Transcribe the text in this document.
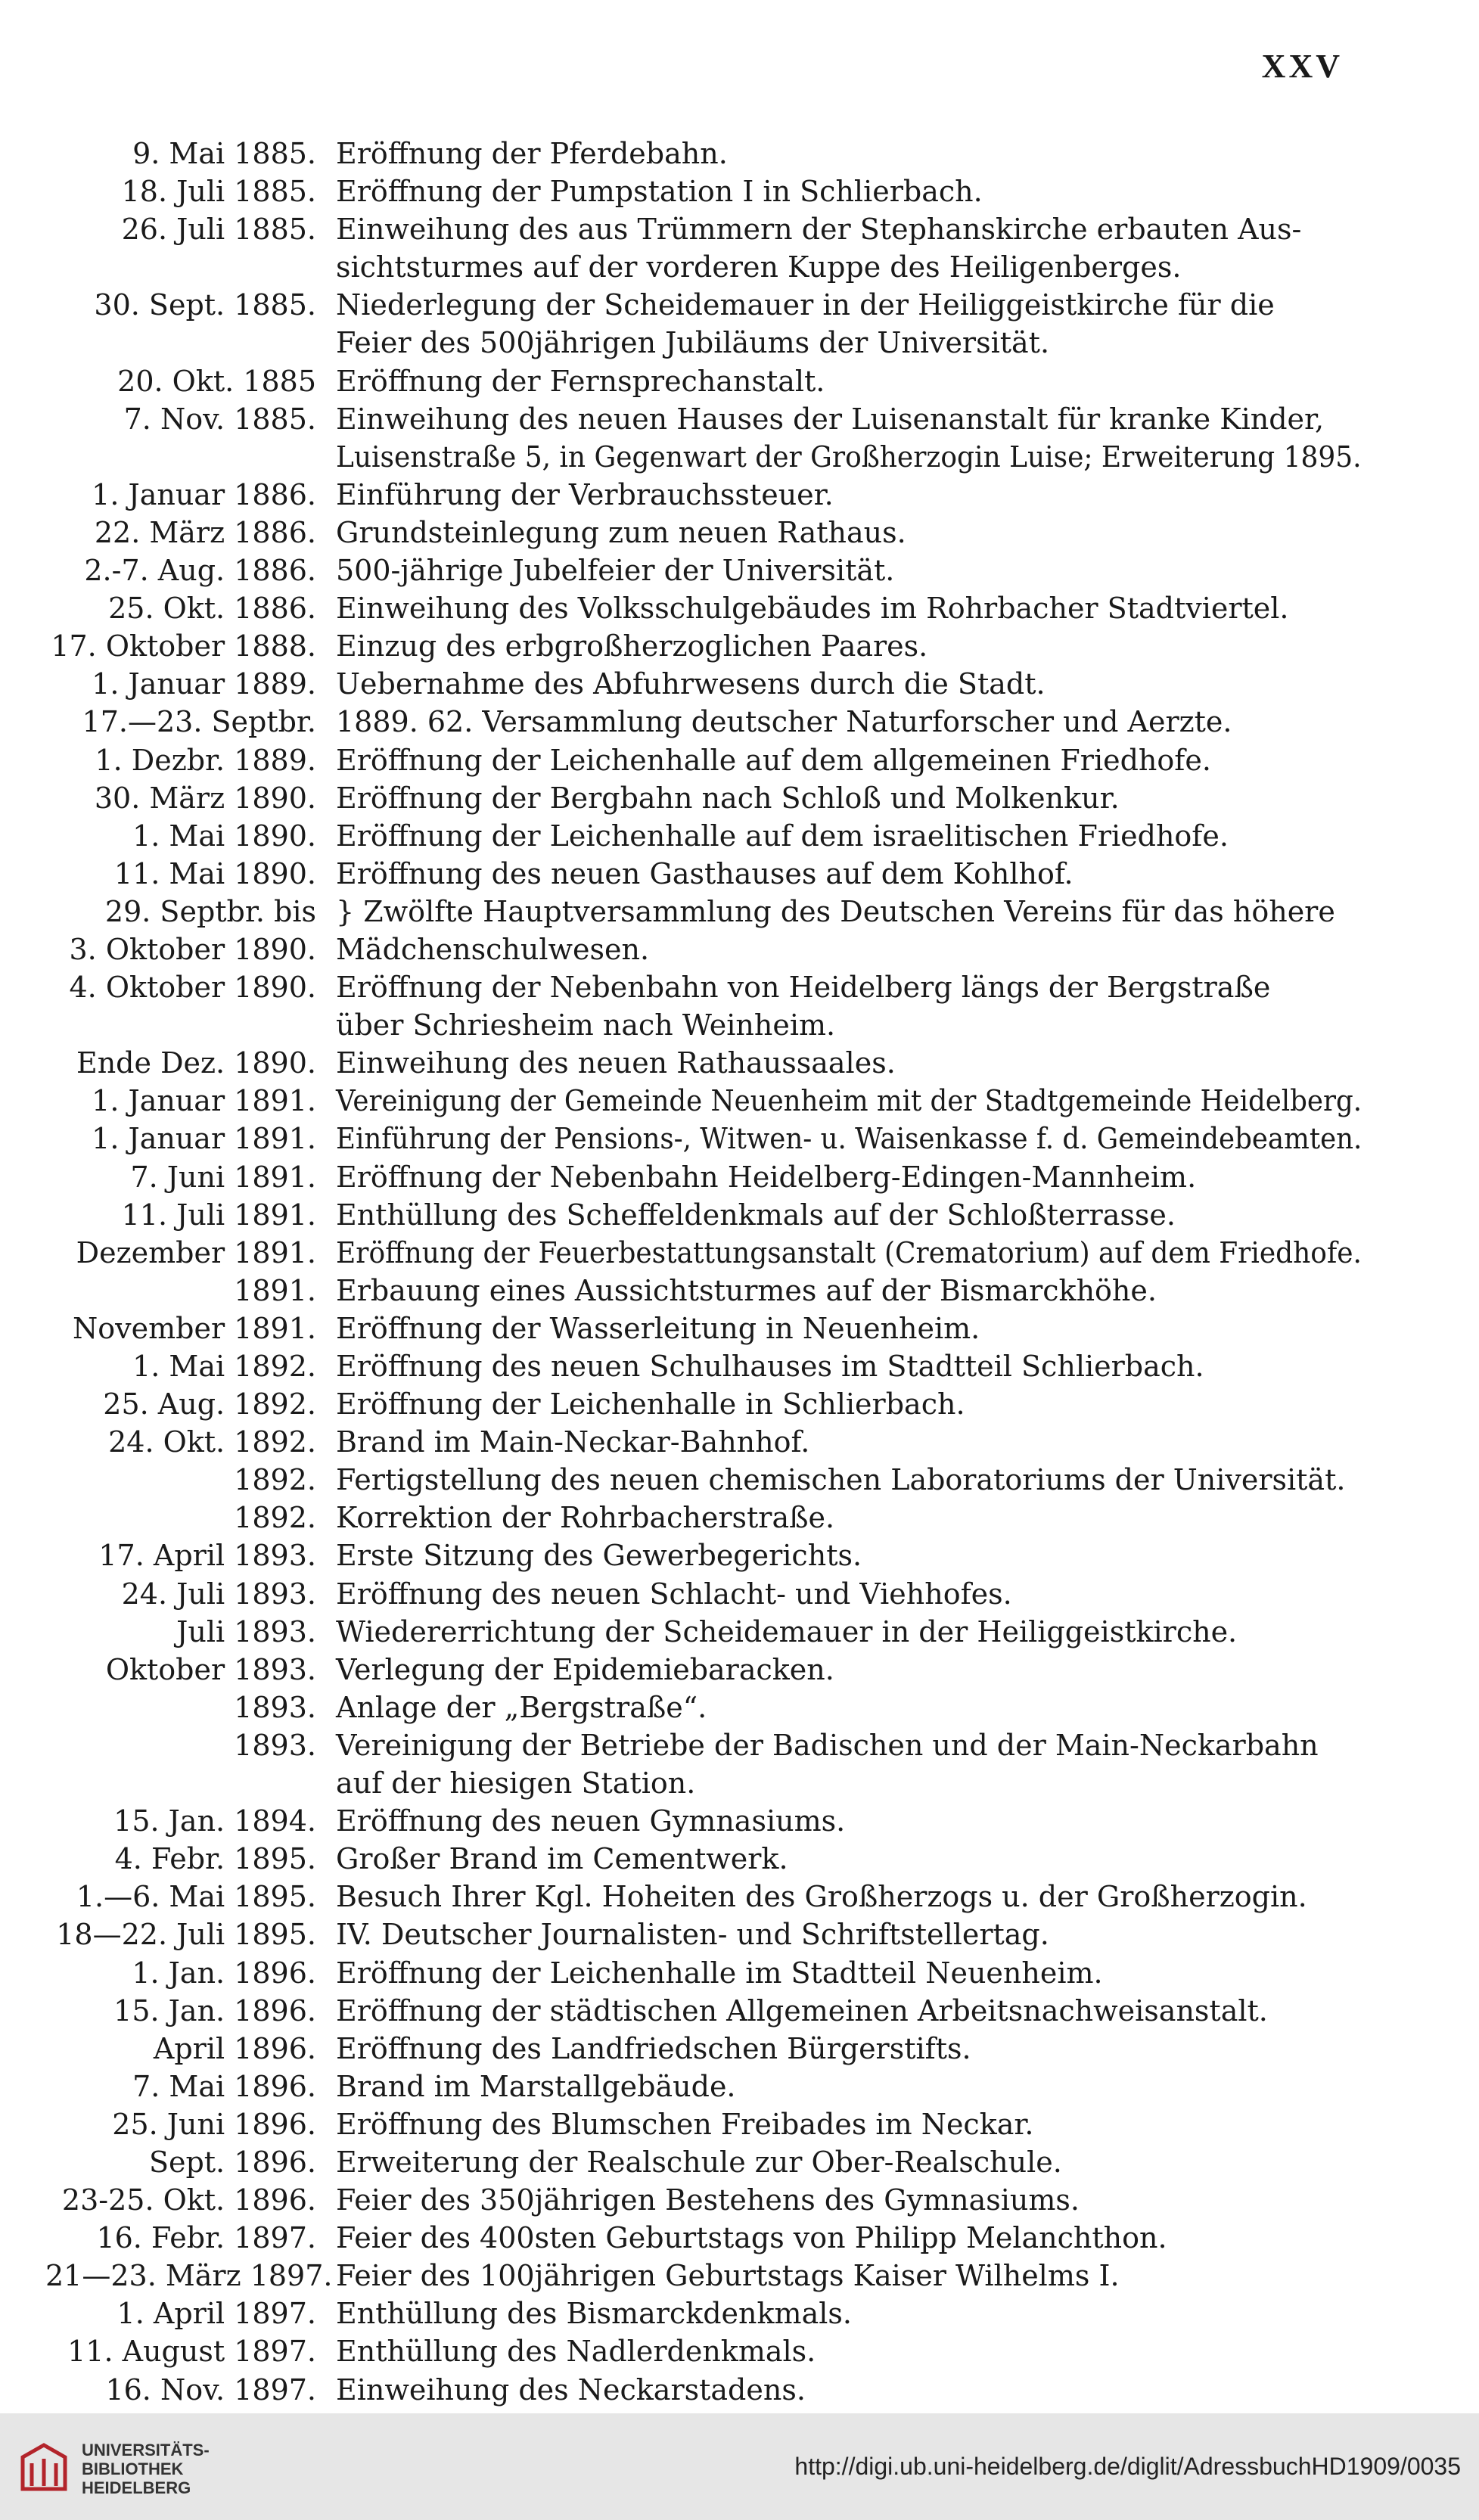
XXV
9. Mai 1885. Eröffnung der Pferdebahn.
18. Juli 1885. Eröffnung der Pumpstation I in Schlierbach.
26. Juli 1885. Einweihung des aus Trümmern der Stephanskirche erbauten Aus-
sichtsturmes auf der vorderen Kuppe des Heiligenberges.
30. Sept. 1885. Niederlegung der Scheidemauer in der Heiliggeistkirche für die
Feier des 500jährigen Jubiläums der Universität.
20. Okt. 1885 Eröffnung der Fernsprechanstalt.
7. Nov. 1885. Einweihung des neuen Hauses der Luisenanstalt für kranke Kinder,
Luisenstraße 5, in Gegenwart der Großherzogin Luise; Erweiterung 1895.
1. Januar 1886. Einführung der Verbrauchssteuer.
22. März 1886. Grundsteinlegung zum neuen Rathaus.
2.-7. Aug. 1886. 500-jährige Jubelfeier der Universität.
25. Okt. 1886. Einweihung des Volksschulgebäudes im Rohrbacher Stadtviertel.
17. Oktober 1888. Einzug des erbgroßherzoglichen Paares.
1. Januar 1889. Uebernahme des Abfuhrwesens durch die Stadt.
17.—23. Septbr. 1889. 62. Versammlung deutscher Naturforscher und Aerzte.
1. Dezbr. 1889. Eröffnung der Leichenhalle auf dem allgemeinen Friedhofe.
30. März 1890. Eröffnung der Bergbahn nach Schloß und Molkenkur.
1. Mai 1890. Eröffnung der Leichenhalle auf dem israelitischen Friedhofe.
11. Mai 1890. Eröffnung des neuen Gasthauses auf dem Kohlhof.
29. Septbr. bis } Zwölfte Hauptversammlung des Deutschen Vereins für das höhere
3. Oktober 1890. Mädchenschulwesen.
4. Oktober 1890. Eröffnung der Nebenbahn von Heidelberg längs der Bergstraße
über Schriesheim nach Weinheim.
Ende Dez. 1890. Einweihung des neuen Rathaussaales.
1. Januar 1891. Vereinigung der Gemeinde Neuenheim mit der Stadtgemeinde Heidelberg.
1. Januar 1891. Einführung der Pensions-, Witwen- u. Waisenkasse f. d. Gemeindebeamten.
7. Juni 1891. Eröffnung der Nebenbahn Heidelberg-Edingen-Mannheim.
11. Juli 1891. Enthüllung des Scheffeldenkmals auf der Schloßterrasse.
Dezember 1891. Eröffnung der Feuerbestattungsanstalt (Crematorium) auf dem Friedhofe.
1891. Erbauung eines Aussichtsturmes auf der Bismarckhöhe.
November 1891. Eröffnung der Wasserleitung in Neuenheim.
1. Mai 1892. Eröffnung des neuen Schulhauses im Stadtteil Schlierbach.
25. Aug. 1892. Eröffnung der Leichenhalle in Schlierbach.
24. Okt. 1892. Brand im Main-Neckar-Bahnhof.
1892. Fertigstellung des neuen chemischen Laboratoriums der Universität.
1892. Korrektion der Rohrbacherstraße.
17. April 1893. Erste Sitzung des Gewerbegerichts.
24. Juli 1893. Eröffnung des neuen Schlacht- und Viehhofes.
Juli 1893. Wiedererrichtung der Scheidemauer in der Heiliggeistkirche.
Oktober 1893. Verlegung der Epidemiebaracken.
1893. Anlage der „Bergstraße“.
1893. Vereinigung der Betriebe der Badischen und der Main-Neckarbahn
auf der hiesigen Station.
15. Jan. 1894. Eröffnung des neuen Gymnasiums.
4. Febr. 1895. Großer Brand im Cementwerk.
1.—6. Mai 1895. Besuch Ihrer Kgl. Hoheiten des Großherzogs u. der Großherzogin.
18—22. Juli 1895. IV. Deutscher Journalisten- und Schriftstellertag.
1. Jan. 1896. Eröffnung der Leichenhalle im Stadtteil Neuenheim.
15. Jan. 1896. Eröffnung der städtischen Allgemeinen Arbeitsnachweisanstalt.
April 1896. Eröffnung des Landfriedschen Bürgerstifts.
7. Mai 1896. Brand im Marstallgebäude.
25. Juni 1896. Eröffnung des Blumschen Freibades im Neckar.
Sept. 1896. Erweiterung der Realschule zur Ober-Realschule.
23-25. Okt. 1896. Feier des 350jährigen Bestehens des Gymnasiums.
16. Febr. 1897. Feier des 400sten Geburtstags von Philipp Melanchthon.
21—23. März 1897. Feier des 100jährigen Geburtstags Kaiser Wilhelms I.
1. April 1897. Enthüllung des Bismarckdenkmals.
11. August 1897. Enthüllung des Nadlerdenkmals.
16. Nov. 1897. Einweihung des Neckarstadens.
UNIVERSITÄTS-
BIBLIOTHEK
HEIDELBERG
http://digi.ub.uni-heidelberg.de/diglit/AdressbuchHD1909/0035
